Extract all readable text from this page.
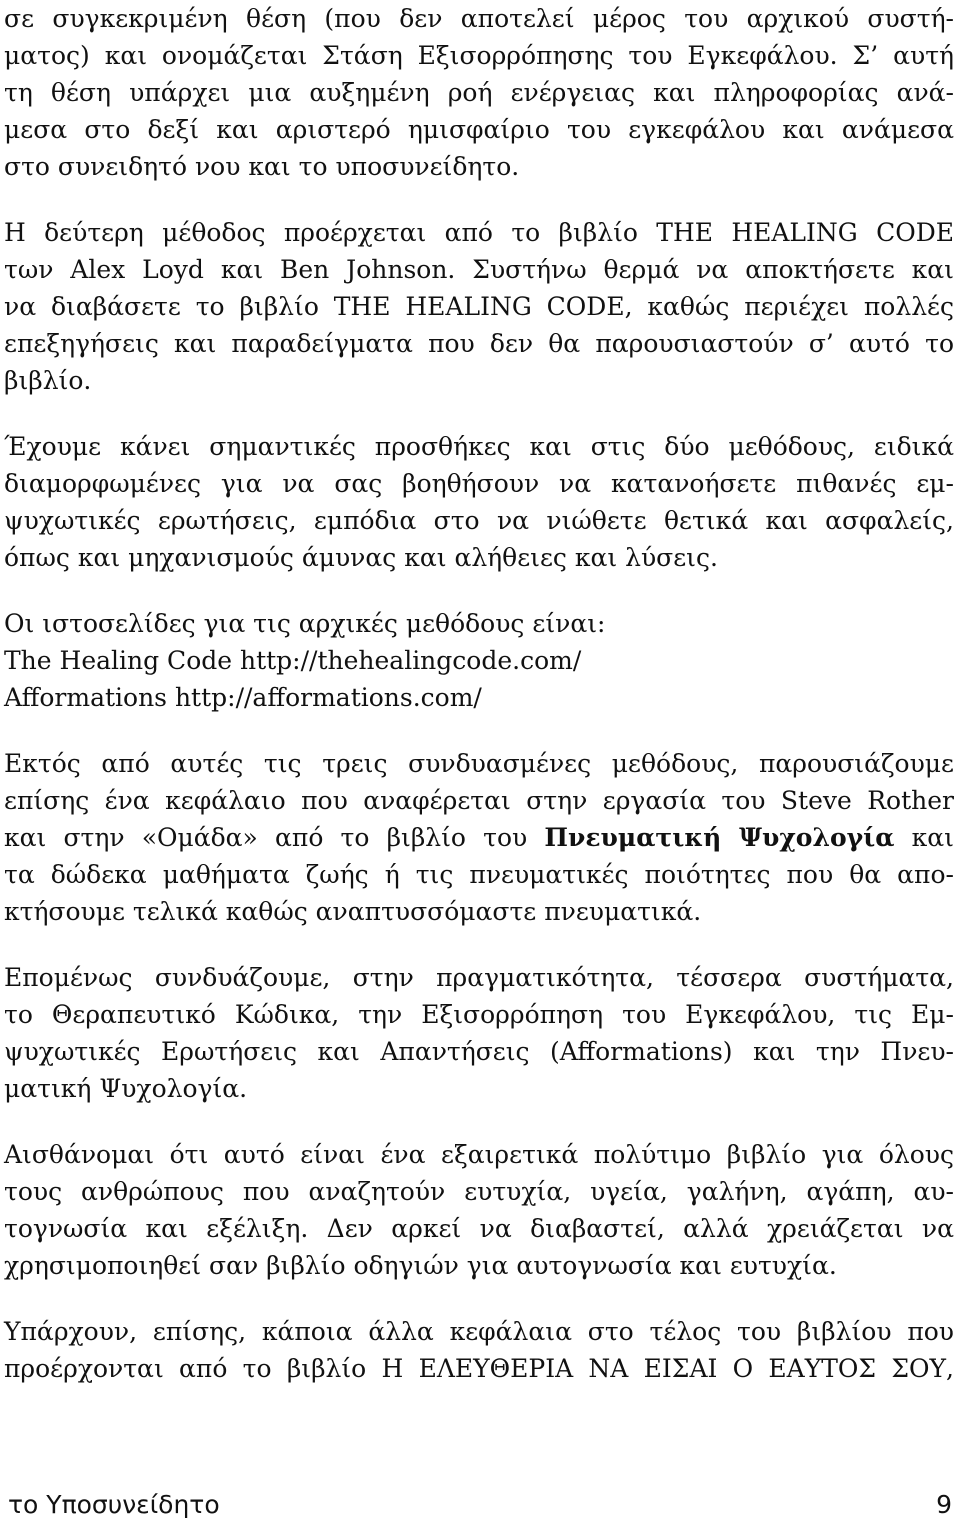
σε συγκεκριμένη θέση (που δεν αποτελεί μέρος του αρχικού συστή-
ματος) και ονομάζεται Στάση Εξισορρόπησης του Εγκεφάλου. Σ’ αυτή
τη θέση υπάρχει μια αυξημένη ροή ενέργειας και πληροφορίας ανά-
μεσα στο δεξί και αριστερό ημισφαίριο του εγκεφάλου και ανάμεσα
στο συνειδητό νου και το υποσυνείδητο.
Η δεύτερη μέθοδος προέρχεται από το βιβλίο THE HEALING CODE
των Alex Loyd και Ben Johnson. Συστήνω θερμά να αποκτήσετε και
να διαβάσετε το βιβλίο THE HEALING CODE, καθώς περιέχει πολλές
επεξηγήσεις και παραδείγματα που δεν θα παρουσιαστούν σ’ αυτό το
βιβλίο.
Έχουμε κάνει σημαντικές προσθήκες και στις δύο μεθόδους, ειδικά
διαμορφωμένες για να σας βοηθήσουν να κατανοήσετε πιθανές εμ-
ψυχωτικές ερωτήσεις, εμπόδια στο να νιώθετε θετικά και ασφαλείς,
όπως και μηχανισμούς άμυνας και αλήθειες και λύσεις.
Οι ιστοσελίδες για τις αρχικές μεθόδους είναι:
The Healing Code http://thehealingcode.com/
Afformations http://afformations.com/
Εκτός από αυτές τις τρεις συνδυασμένες μεθόδους, παρουσιάζουμε
επίσης ένα κεφάλαιο που αναφέρεται στην εργασία του Steve Rother
και στην «Ομάδα» από το βιβλίο του Πνευματική Ψυχολογία και
τα δώδεκα μαθήματα ζωής ή τις πνευματικές ποιότητες που θα απο-
κτήσουμε τελικά καθώς αναπτυσσόμαστε πνευματικά.
Επομένως συνδυάζουμε, στην πραγματικότητα, τέσσερα συστήματα,
το Θεραπευτικό Κώδικα, την Εξισορρόπηση του Εγκεφάλου, τις Εμ-
ψυχωτικές Ερωτήσεις και Απαντήσεις (Afformations) και την Πνευ-
ματική Ψυχολογία.
Αισθάνομαι ότι αυτό είναι ένα εξαιρετικά πολύτιμο βιβλίο για όλους
τους ανθρώπους που αναζητούν ευτυχία, υγεία, γαλήνη, αγάπη, αυ-
τογνωσία και εξέλιξη. Δεν αρκεί να διαβαστεί, αλλά χρειάζεται να
χρησιμοποιηθεί σαν βιβλίο οδηγιών για αυτογνωσία και ευτυχία.
Υπάρχουν, επίσης, κάποια άλλα κεφάλαια στο τέλος του βιβλίου που
προέρχονται από το βιβλίο Η ΕΛΕΥΘΕΡΙΑ ΝΑ ΕΙΣΑΙ Ο ΕΑΥΤΟΣ ΣΟΥ,
το Υποσυνείδητο	9
